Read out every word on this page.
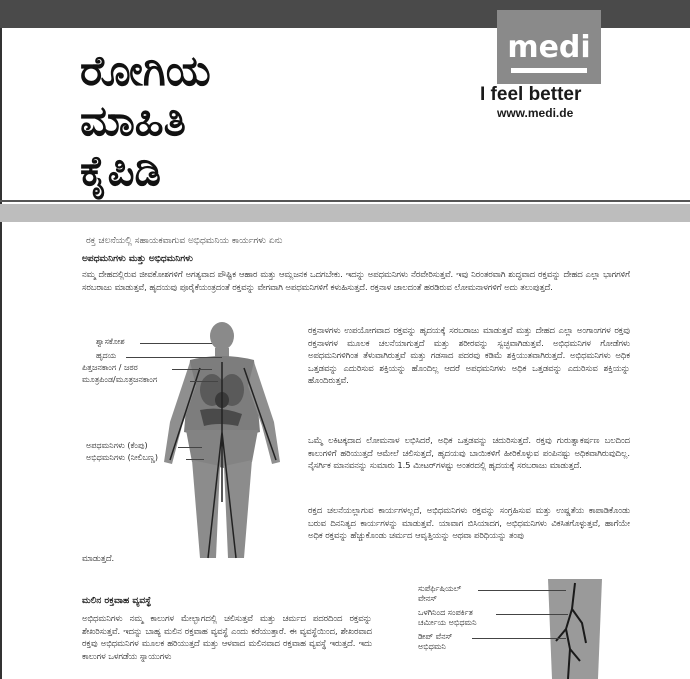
ರೋಗಿಯ
ಮಾಹಿತಿ
ಕೈಪಿಡಿ
medi
I feel better
www.medi.de
ರಕ್ತ ಚಲನೆಯಲ್ಲಿ ಸಹಾಯಕವಾಗುವ ಅಭಿಧಮನಿಯ ಕಾರ್ಯಗಳು ಏನು
ಅಪಧಮನಿಗಳು ಮತ್ತು ಅಭಿಧಮನಿಗಳು
ನಮ್ಮ ದೇಹದಲ್ಲಿರುವ ಜೀವಕೋಶಗಳಿಗೆ ಅಗತ್ಯವಾದ ಪೌಷ್ಟಿಕ ಆಹಾರ ಮತ್ತು ಆಮ್ಲಜನಕ ಒದಗಬೇಕು. ಇದನ್ನು ಅಪಧಮನಿಗಳು ನೆರವೇರಿಸುತ್ತವೆ. ಇವು ನಿರಂತರವಾಗಿ ಶುದ್ಧವಾದ ರಕ್ತವನ್ನು ದೇಹದ ಎಲ್ಲಾ ಭಾಗಗಳಿಗೆ ಸರಬರಾಜು ಮಾಡುತ್ತವೆ, ಹೃದಯವು ಪೂರೈಕೆಯಂತ್ರದಂತೆ ರಕ್ತವನ್ನು ವೇಗವಾಗಿ ಅಪಧಮನಿಗಳಿಗೆ ಕಳುಹಿಸುತ್ತದೆ. ರಕ್ತನಾಳ ಜಾಲದಂತೆ ಹರಡಿರುವ ಲೋಮನಾಳಗಳಿಗೆ ಅದು ತಲುಪುತ್ತದೆ.
ಶ್ವಾಸಕೋಶ
ಹೃದಯ
ಪಿತ್ತಜನಕಾಂಗ / ಜಠರ
ಮೂತ್ರಪಿಂಡ/ಮೂತ್ರಜನಕಾಂಗ
ಅಪಧಮನಿಗಳು (ಕೆಂಪು)
ಅಭಿಧಮನಿಗಳು (ನೀಲಿಬಣ್ಣ)
ರಕ್ತನಾಳಗಳು ಉಪಯೋಗವಾದ ರಕ್ತವನ್ನು ಹೃದಯಕ್ಕೆ ಸರಬರಾಜು ಮಾಡುತ್ತವೆ ಮತ್ತು ದೇಹದ ಎಲ್ಲಾ ಅಂಗಾಂಗಗಳ ರಕ್ತವು ರಕ್ತನಾಳಗಳ ಮೂಲಕ ಚಲನೆಯಾಗುತ್ತದೆ ಮತ್ತು ಶರೀರವನ್ನು ಸ್ವಚ್ಛವಾಗಿಡುತ್ತವೆ. ಅಭಿಧಮನಿಗಳ ಗೋಡೆಗಳು ಅಪಧಮನಿಗಳಿಗಿಂತ ತೆಳುವಾಗಿರುತ್ತವೆ ಮತ್ತು ಗಡಸಾದ ಪದರವು ಕಡಿಮೆ ಶಕ್ತಿಯುತವಾಗಿರುತ್ತದೆ. ಅಭಿಧಮನಿಗಳು ಅಧಿಕ ಒತ್ತಡವನ್ನು ಎದುರಿಸುವ ಶಕ್ತಿಯನ್ನು ಹೊಂದಿಲ್ಲ ಆದರೆ ಅಪಧಮನಿಗಳು ಅಧಿಕ ಒತ್ತಡವನ್ನು ಎದುರಿಸುವ ಶಕ್ತಿಯನ್ನು ಹೊಂದಿರುತ್ತವೆ.
ಒಮ್ಮೆ ಲಕಿಟಕ್ಕದಾದ ಲೋಮನಾಳ ಲಭಿಸಿದರೆ, ಅಧಿಕ ಒತ್ತಡವನ್ನು ಚದುರಿಸುತ್ತದೆ. ರಕ್ತವು ಗುರುತ್ವಾಕರ್ಷಣ ಬಲದಿಂದ ಕಾಲುಗಳಿಗೆ ಹರಿಯುತ್ತದೆ ಆಮೇಲೆ ಚಲಿಸುತ್ತದೆ, ಹೃದಯವು ಬಾಯಿಕಳಿಗೆ ಹೀರಿಕೊಳ್ಳುವ ಪಂಪಿನಷ್ಟು ಅಧಿಕವಾಗಿರುವುದಿಲ್ಲ. ನೈಸರ್ಗಿಕ ಮಾನವನನ್ನು ಸುಮಾರು 1.5 ಮೀಟರ್‌ಗಳಷ್ಟು ಅಂತರದಲ್ಲಿ ಹೃದಯಕ್ಕೆ ಸರಬರಾಜು ಮಾಡುತ್ತದೆ.
ರಕ್ತದ ಚಲನೆಯಲ್ಲಾಗುವ ಕಾರ್ಯಗಳಲ್ಲದೆ, ಅಭಿಧಮನಿಗಳು ರಕ್ತವನ್ನು ಸಂಗ್ರಹಿಸುವ ಮತ್ತು ಉಷ್ಣತೆಯ ಕಾಪಾಡಿಕೊಂಡು ಬರುವ ದಿನನಿತ್ಯದ ಕಾರ್ಯಗಳನ್ನು ಮಾಡುತ್ತವೆ. ಯಾವಾಗ ಬಿಸಿಯಾದಗ, ಅಭಿಧಮನಿಗಳು ವಿಕಸಿತಗೊಳ್ಳುತ್ತವೆ, ಹಾಗೆಯೇ ಅಧಿಕ ರಕ್ತವನ್ನು ಹೆಚ್ಚುಕೊಂಡು ಚರ್ಮದ ಆವೃತ್ತಿಯನ್ನು ಅಥವಾ ಪರಿಧಿಯನ್ನು ತಂಪು
ಮಾಡುತ್ತದೆ.
ಮಲಿನ ರಕ್ತವಾಹ ವ್ಯವಸ್ಥೆ
ಅಭಿಧಮನಿಗಳು ನಮ್ಮ ಕಾಲುಗಳ ಮೇಲ್ಭಾಗದಲ್ಲಿ ಚಲಿಸುತ್ತವೆ ಮತ್ತು ಚರ್ಮದ ಪದರದಿಂದ ರಕ್ತವನ್ನು ಶೇಖರಿಸುತ್ತವೆ. ಇದನ್ನು ಬಾಹ್ಯ ಮಲಿನ ರಕ್ತವಾಹ ವ್ಯವಸ್ಥೆ ಎಂದು ಕರೆಯುತ್ತಾರೆ. ಈ ವ್ಯವಸ್ಥೆಯಿಂದ, ಶೇಖರವಾದ ರಕ್ತವು ಅಭಿಧಮನಿಗಳ ಮೂಲಕ ಹರಿಯುತ್ತದೆ ಮತ್ತು ಆಳವಾದ ಮಲಿನವಾದ ರಕ್ತವಾಹ ವ್ಯವಸ್ಥೆ ಇರುತ್ತದೆ. ಇದು ಕಾಲುಗಳ ಒಳಗಡೆಯ ಸ್ನಾಯುಗಳು
ಸುಪೆರ್ಫಿಷಿಯಲ್
ವೇನಸ್
ಒಳಗಿನಿಂದ ಸಂಪರ್ಕಿತ
ಚರ್ಮೀಯ ಅಭಿಧಮನಿ
ಡೀಪ್ ವೆನಸ್
ಅಭಿಧಮನಿ
